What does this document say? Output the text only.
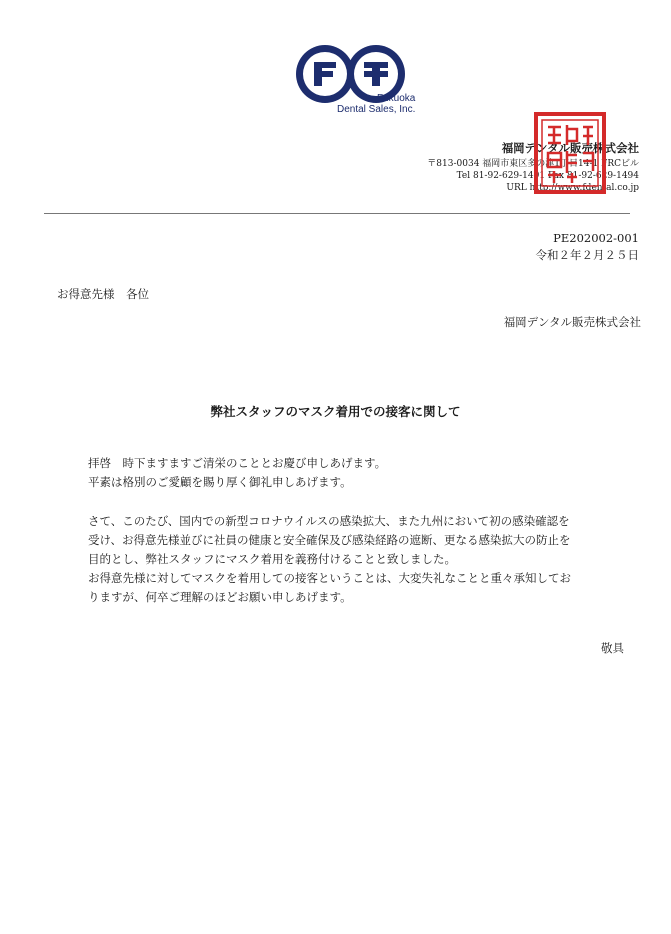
Fukuoka
Dental Sales, Inc.
福岡デンタル販売株式会社
〒813-0034 福岡市東区多の津1丁目14-1 FRCビル
Tel 81-92-629-1491 Fax 81-92-629-1494
URL http://www.fdental.co.jp
PE202002-001
令和２年２月２５日
お得意先様　各位
福岡デンタル販売株式会社
弊社スタッフのマスク着用での接客に関して
拝啓　時下ますますご清栄のこととお慶び申しあげます。
平素は格別のご愛顧を賜り厚く御礼申しあげます。
さて、このたび、国内での新型コロナウイルスの感染拡大、また九州において初の感染確認を
受け、お得意先様並びに社員の健康と安全確保及び感染経路の遮断、更なる感染拡大の防止を
目的とし、弊社スタッフにマスク着用を義務付けることと致しました。
お得意先様に対してマスクを着用しての接客ということは、大変失礼なことと重々承知してお
りますが、何卒ご理解のほどお願い申しあげます。
敬具
